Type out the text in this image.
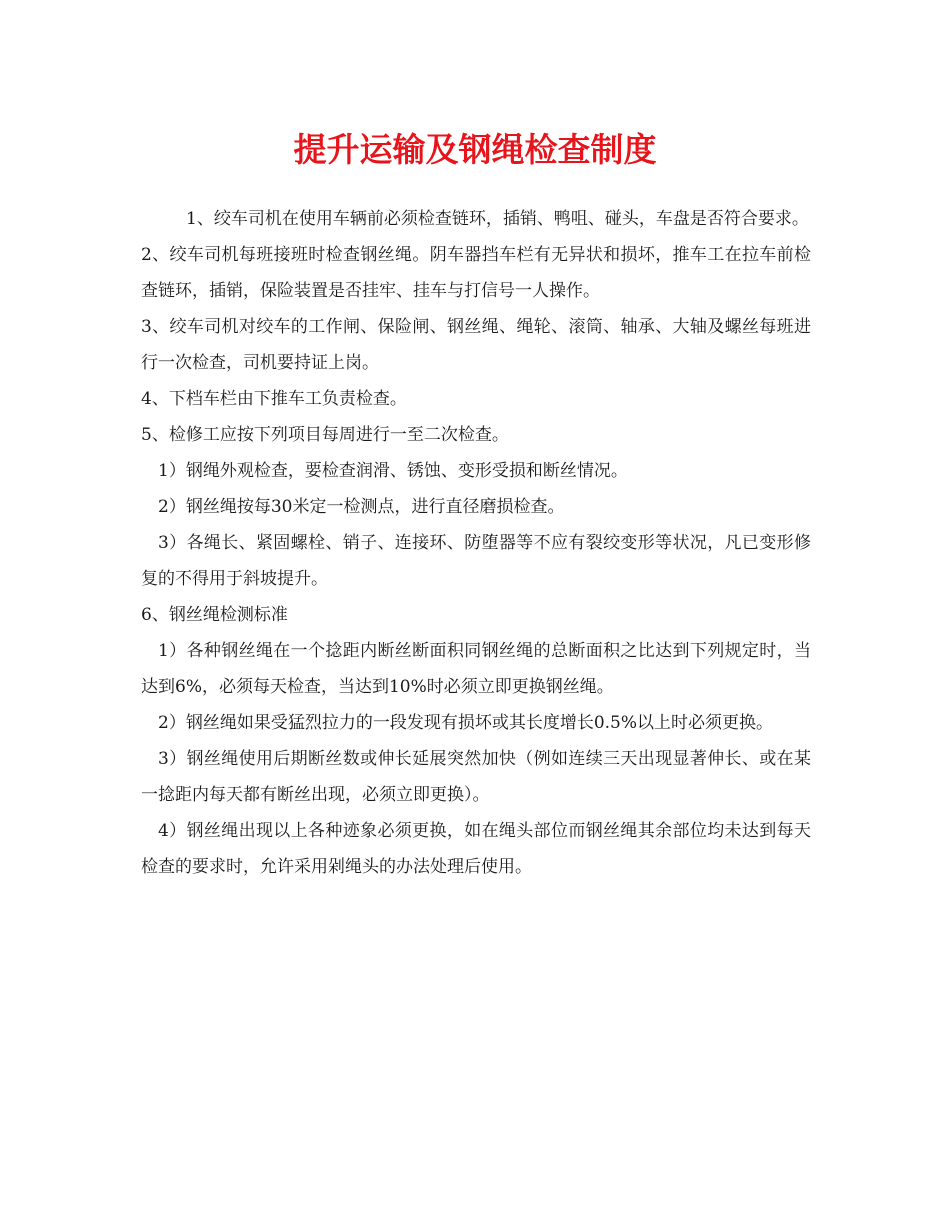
提升运输及钢绳检查制度

1、绞车司机在使用车辆前必须检查链环，插销、鸭咀、碰头，车盘是否符合要求。

2、绞车司机每班接班时检查钢丝绳。阴车器挡车栏有无异状和损坏，推车工在拉车前检查链环，插销，保险装置是否挂牢、挂车与打信号一人操作。

3、绞车司机对绞车的工作闸、保险闸、钢丝绳、绳轮、滚筒、轴承、大轴及螺丝每班进行一次检查，司机要持证上岗。

4、下档车栏由下推车工负责检查。

5、检修工应按下列项目每周进行一至二次检查。

1）钢绳外观检查，要检查润滑、锈蚀、变形受损和断丝情况。

2）钢丝绳按每30米定一检测点，进行直径磨损检查。

3）各绳长、紧固螺栓、销子、连接环、防堕器等不应有裂绞变形等状况，凡已变形修复的不得用于斜坡提升。

6、钢丝绳检测标准

1）各种钢丝绳在一个捻距内断丝断面积同钢丝绳的总断面积之比达到下列规定时，当达到6%，必须每天检查，当达到10%时必须立即更换钢丝绳。

2）钢丝绳如果受猛烈拉力的一段发现有损坏或其长度增长0.5%以上时必须更换。

3）钢丝绳使用后期断丝数或伸长延展突然加快（例如连续三天出现显著伸长、或在某一捻距内每天都有断丝出现，必须立即更换）。

4）钢丝绳出现以上各种迹象必须更换，如在绳头部位而钢丝绳其余部位均未达到每天检查的要求时，允许采用剁绳头的办法处理后使用。
